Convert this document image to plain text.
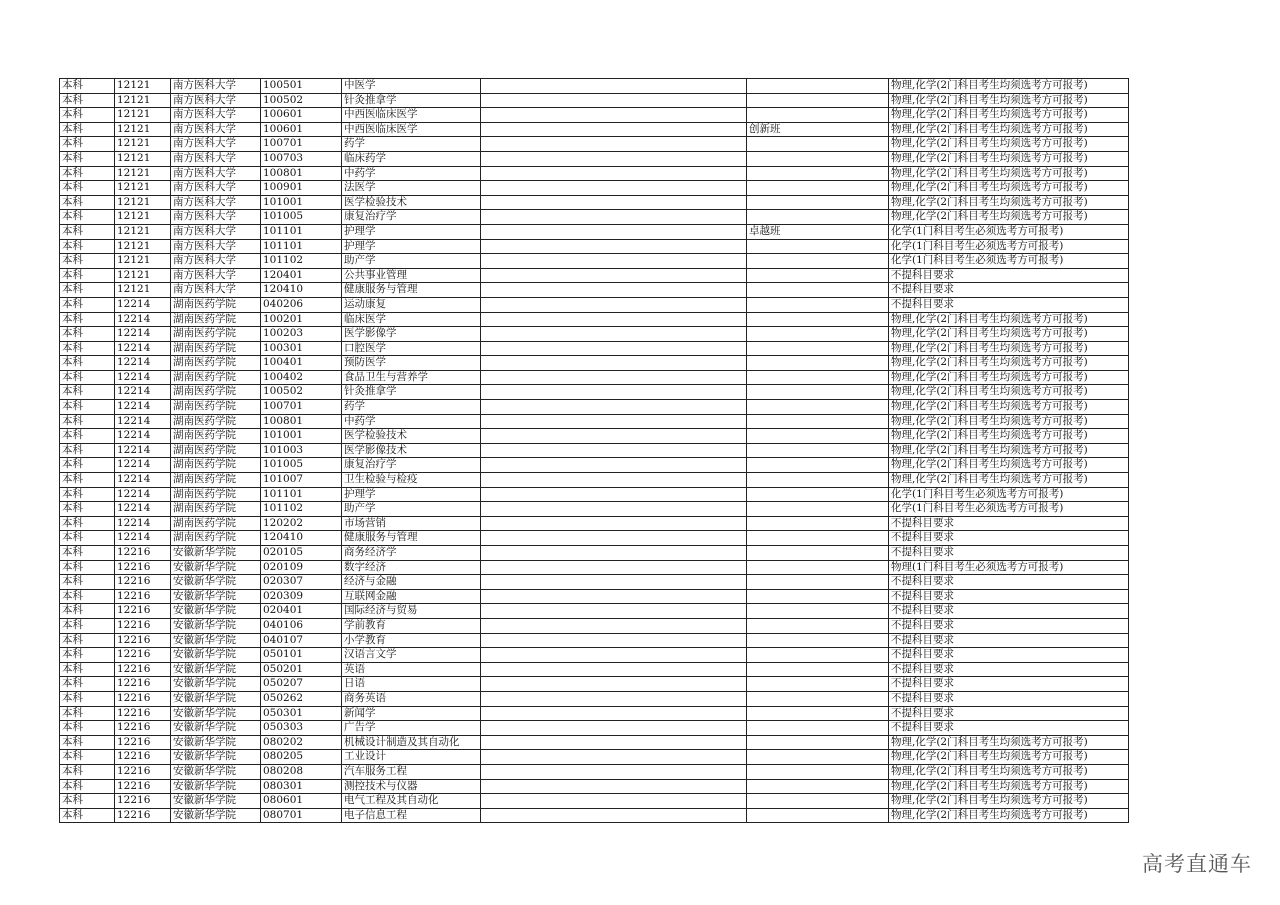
本科	12121	南方医科大学	100501	中医学			物理,化学(2门科目考生均须选考方可报考)
本科	12121	南方医科大学	100502	针灸推拿学			物理,化学(2门科目考生均须选考方可报考)
本科	12121	南方医科大学	100601	中西医临床医学			物理,化学(2门科目考生均须选考方可报考)
本科	12121	南方医科大学	100601	中西医临床医学		创新班	物理,化学(2门科目考生均须选考方可报考)
本科	12121	南方医科大学	100701	药学			物理,化学(2门科目考生均须选考方可报考)
本科	12121	南方医科大学	100703	临床药学			物理,化学(2门科目考生均须选考方可报考)
本科	12121	南方医科大学	100801	中药学			物理,化学(2门科目考生均须选考方可报考)
本科	12121	南方医科大学	100901	法医学			物理,化学(2门科目考生均须选考方可报考)
本科	12121	南方医科大学	101001	医学检验技术			物理,化学(2门科目考生均须选考方可报考)
本科	12121	南方医科大学	101005	康复治疗学			物理,化学(2门科目考生均须选考方可报考)
本科	12121	南方医科大学	101101	护理学		卓越班	化学(1门科目考生必须选考方可报考)
本科	12121	南方医科大学	101101	护理学			化学(1门科目考生必须选考方可报考)
本科	12121	南方医科大学	101102	助产学			化学(1门科目考生必须选考方可报考)
本科	12121	南方医科大学	120401	公共事业管理			不提科目要求
本科	12121	南方医科大学	120410	健康服务与管理			不提科目要求
本科	12214	湖南医药学院	040206	运动康复			不提科目要求
本科	12214	湖南医药学院	100201	临床医学			物理,化学(2门科目考生均须选考方可报考)
本科	12214	湖南医药学院	100203	医学影像学			物理,化学(2门科目考生均须选考方可报考)
本科	12214	湖南医药学院	100301	口腔医学			物理,化学(2门科目考生均须选考方可报考)
本科	12214	湖南医药学院	100401	预防医学			物理,化学(2门科目考生均须选考方可报考)
本科	12214	湖南医药学院	100402	食品卫生与营养学			物理,化学(2门科目考生均须选考方可报考)
本科	12214	湖南医药学院	100502	针灸推拿学			物理,化学(2门科目考生均须选考方可报考)
本科	12214	湖南医药学院	100701	药学			物理,化学(2门科目考生均须选考方可报考)
本科	12214	湖南医药学院	100801	中药学			物理,化学(2门科目考生均须选考方可报考)
本科	12214	湖南医药学院	101001	医学检验技术			物理,化学(2门科目考生均须选考方可报考)
本科	12214	湖南医药学院	101003	医学影像技术			物理,化学(2门科目考生均须选考方可报考)
本科	12214	湖南医药学院	101005	康复治疗学			物理,化学(2门科目考生均须选考方可报考)
本科	12214	湖南医药学院	101007	卫生检验与检疫			物理,化学(2门科目考生均须选考方可报考)
本科	12214	湖南医药学院	101101	护理学			化学(1门科目考生必须选考方可报考)
本科	12214	湖南医药学院	101102	助产学			化学(1门科目考生必须选考方可报考)
本科	12214	湖南医药学院	120202	市场营销			不提科目要求
本科	12214	湖南医药学院	120410	健康服务与管理			不提科目要求
本科	12216	安徽新华学院	020105	商务经济学			不提科目要求
本科	12216	安徽新华学院	020109	数字经济			物理(1门科目考生必须选考方可报考)
本科	12216	安徽新华学院	020307	经济与金融			不提科目要求
本科	12216	安徽新华学院	020309	互联网金融			不提科目要求
本科	12216	安徽新华学院	020401	国际经济与贸易			不提科目要求
本科	12216	安徽新华学院	040106	学前教育			不提科目要求
本科	12216	安徽新华学院	040107	小学教育			不提科目要求
本科	12216	安徽新华学院	050101	汉语言文学			不提科目要求
本科	12216	安徽新华学院	050201	英语			不提科目要求
本科	12216	安徽新华学院	050207	日语			不提科目要求
本科	12216	安徽新华学院	050262	商务英语			不提科目要求
本科	12216	安徽新华学院	050301	新闻学			不提科目要求
本科	12216	安徽新华学院	050303	广告学			不提科目要求
本科	12216	安徽新华学院	080202	机械设计制造及其自动化			物理,化学(2门科目考生均须选考方可报考)
本科	12216	安徽新华学院	080205	工业设计			物理,化学(2门科目考生均须选考方可报考)
本科	12216	安徽新华学院	080208	汽车服务工程			物理,化学(2门科目考生均须选考方可报考)
本科	12216	安徽新华学院	080301	测控技术与仪器			物理,化学(2门科目考生均须选考方可报考)
本科	12216	安徽新华学院	080601	电气工程及其自动化			物理,化学(2门科目考生均须选考方可报考)
本科	12216	安徽新华学院	080701	电子信息工程			物理,化学(2门科目考生均须选考方可报考)
高考直通车
